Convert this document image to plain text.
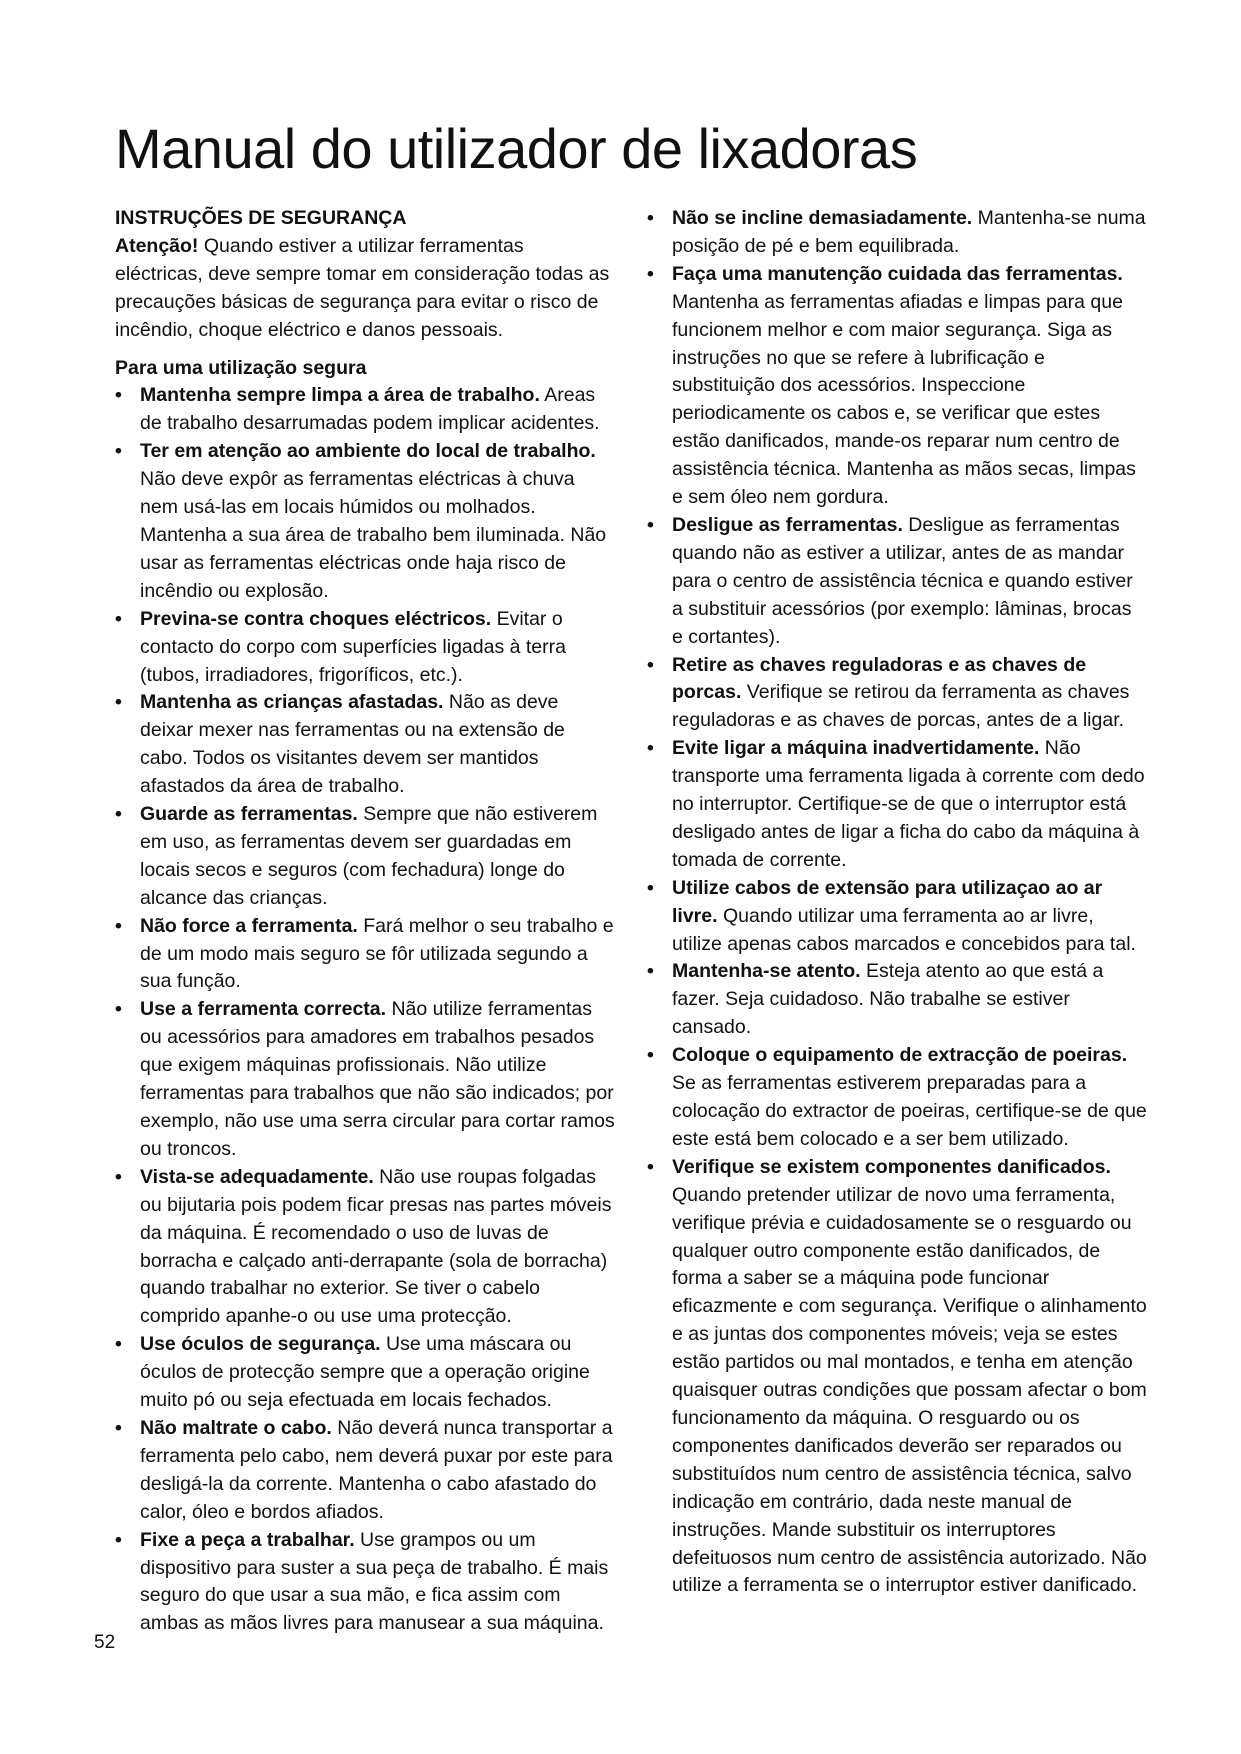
Manual do utilizador de lixadoras

INSTRUÇÕES DE SEGURANÇA

Atenção! Quando estiver a utilizar ferramentas eléctricas, deve sempre tomar em consideração todas as precauções básicas de segurança para evitar o risco de incêndio, choque eléctrico e danos pessoais.

Para uma utilização segura

• Mantenha sempre limpa a área de trabalho. Areas de trabalho desarrumadas podem implicar acidentes.
• Ter em atenção ao ambiente do local de trabalho. Não deve expôr as ferramentas eléctricas à chuva nem usá-las em locais húmidos ou molhados. Mantenha a sua área de trabalho bem iluminada. Não usar as ferramentas eléctricas onde haja risco de incêndio ou explosão.
• Previna-se contra choques eléctricos. Evitar o contacto do corpo com superfícies ligadas à terra (tubos, irradiadores, frigoríficos, etc.).
• Mantenha as crianças afastadas. Não as deve deixar mexer nas ferramentas ou na extensão de cabo. Todos os visitantes devem ser mantidos afastados da área de trabalho.
• Guarde as ferramentas. Sempre que não estiverem em uso, as ferramentas devem ser guardadas em locais secos e seguros (com fechadura) longe do alcance das crianças.
• Não force a ferramenta. Fará melhor o seu trabalho e de um modo mais seguro se fôr utilizada segundo a sua função.
• Use a ferramenta correcta. Não utilize ferramentas ou acessórios para amadores em trabalhos pesados que exigem máquinas profissionais. Não utilize ferramentas para trabalhos que não são indicados; por exemplo, não use uma serra circular para cortar ramos ou troncos.
• Vista-se adequadamente. Não use roupas folgadas ou bijutaria pois podem ficar presas nas partes móveis da máquina. É recomendado o uso de luvas de borracha e calçado anti-derrapante (sola de borracha) quando trabalhar no exterior. Se tiver o cabelo comprido apanhe-o ou use uma protecção.
• Use óculos de segurança. Use uma máscara ou óculos de protecção sempre que a operação origine muito pó ou seja efectuada em locais fechados.
• Não maltrate o cabo. Não deverá nunca transportar a ferramenta pelo cabo, nem deverá puxar por este para desligá-la da corrente. Mantenha o cabo afastado do calor, óleo e bordos afiados.
• Fixe a peça a trabalhar. Use grampos ou um dispositivo para suster a sua peça de trabalho. É mais seguro do que usar a sua mão, e fica assim com ambas as mãos livres para manusear a sua máquina.
• Não se incline demasiadamente. Mantenha-se numa posição de pé e bem equilibrada.
• Faça uma manutenção cuidada das ferramentas. Mantenha as ferramentas afiadas e limpas para que funcionem melhor e com maior segurança. Siga as instruções no que se refere à lubrificação e substituição dos acessórios. Inspeccione periodicamente os cabos e, se verificar que estes estão danificados, mande-os reparar num centro de assistência técnica. Mantenha as mãos secas, limpas e sem óleo nem gordura.
• Desligue as ferramentas. Desligue as ferramentas quando não as estiver a utilizar, antes de as mandar para o centro de assistência técnica e quando estiver a substituir acessórios (por exemplo: lâminas, brocas e cortantes).
• Retire as chaves reguladoras e as chaves de porcas. Verifique se retirou da ferramenta as chaves reguladoras e as chaves de porcas, antes de a ligar.
• Evite ligar a máquina inadvertidamente. Não transporte uma ferramenta ligada à corrente com dedo no interruptor. Certifique-se de que o interruptor está desligado antes de ligar a ficha do cabo da máquina à tomada de corrente.
• Utilize cabos de extensão para utilizaçao ao ar livre. Quando utilizar uma ferramenta ao ar livre, utilize apenas cabos marcados e concebidos para tal.
• Mantenha-se atento. Esteja atento ao que está a fazer. Seja cuidadoso. Não trabalhe se estiver cansado.
• Coloque o equipamento de extracção de poeiras. Se as ferramentas estiverem preparadas para a colocação do extractor de poeiras, certifique-se de que este está bem colocado e a ser bem utilizado.
• Verifique se existem componentes danificados. Quando pretender utilizar de novo uma ferramenta, verifique prévia e cuidadosamente se o resguardo ou qualquer outro componente estão danificados, de forma a saber se a máquina pode funcionar eficazmente e com segurança. Verifique o alinhamento e as juntas dos componentes móveis; veja se estes estão partidos ou mal montados, e tenha em atenção quaisquer outras condições que possam afectar o bom funcionamento da máquina. O resguardo ou os componentes danificados deverão ser reparados ou substituídos num centro de assistência técnica, salvo indicação em contrário, dada neste manual de instruções. Mande substituir os interruptores defeituosos num centro de assistência autorizado. Não utilize a ferramenta se o interruptor estiver danificado.
52
